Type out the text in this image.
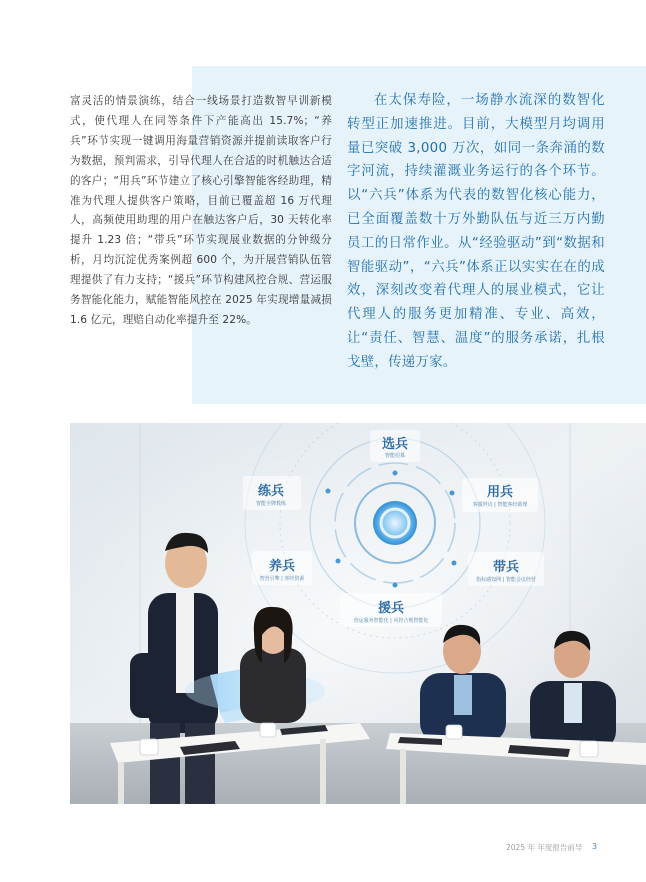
富灵活的情景演练，结合一线场景打造数智早训新模式，使代理人在同等条件下产能高出 15.7%；“养兵”环节实现一键调用海量营销资源并提前读取客户行为数据，预判需求，引导代理人在合适的时机触达合适的客户；“用兵”环节建立了核心引擎智能客经助理，精准为代理人提供客户策略，目前已覆盖超 16 万代理人，高频使用助理的用户在触达客户后，30 天转化率提升 1.23 倍；“带兵”环节实现展业数据的分钟级分析，月均沉淀优秀案例超 600 个，为开展营销队伍管理提供了有力支持；“援兵”环节构建风控合规、营运服务智能化能力，赋能智能风控在 2025 年实现增量减损 1.6 亿元，理赔自动化率提升至 22%。
在太保寿险，一场静水流深的数智化转型正加速推进。目前，大模型月均调用量已突破 3,000 万次，如同一条奔涌的数字河流，持续灌溉业务运行的各个环节。以“六兵”体系为代表的数智化核心能力，已全面覆盖数十万外勤队伍与近三万内勤员工的日常作业。从“经验驱动”到“数据和智能驱动”，“六兵”体系正以实实在在的成效，深刻改变着代理人的展业模式，它让代理人的服务更加精准、专业、高效，让“责任、智慧、温度”的服务承诺，扎根戈壁，传递万家。
选兵
智能招募
练兵
智能全牌教练
用兵
客服拜访 | 智能客经助理
养兵
智营引擎 | 客经资源
带兵
指标感知网 | 智能会议经营
援兵
营运服务智能化 | 风控合规智能化
2025 年 年度报告前导 3
